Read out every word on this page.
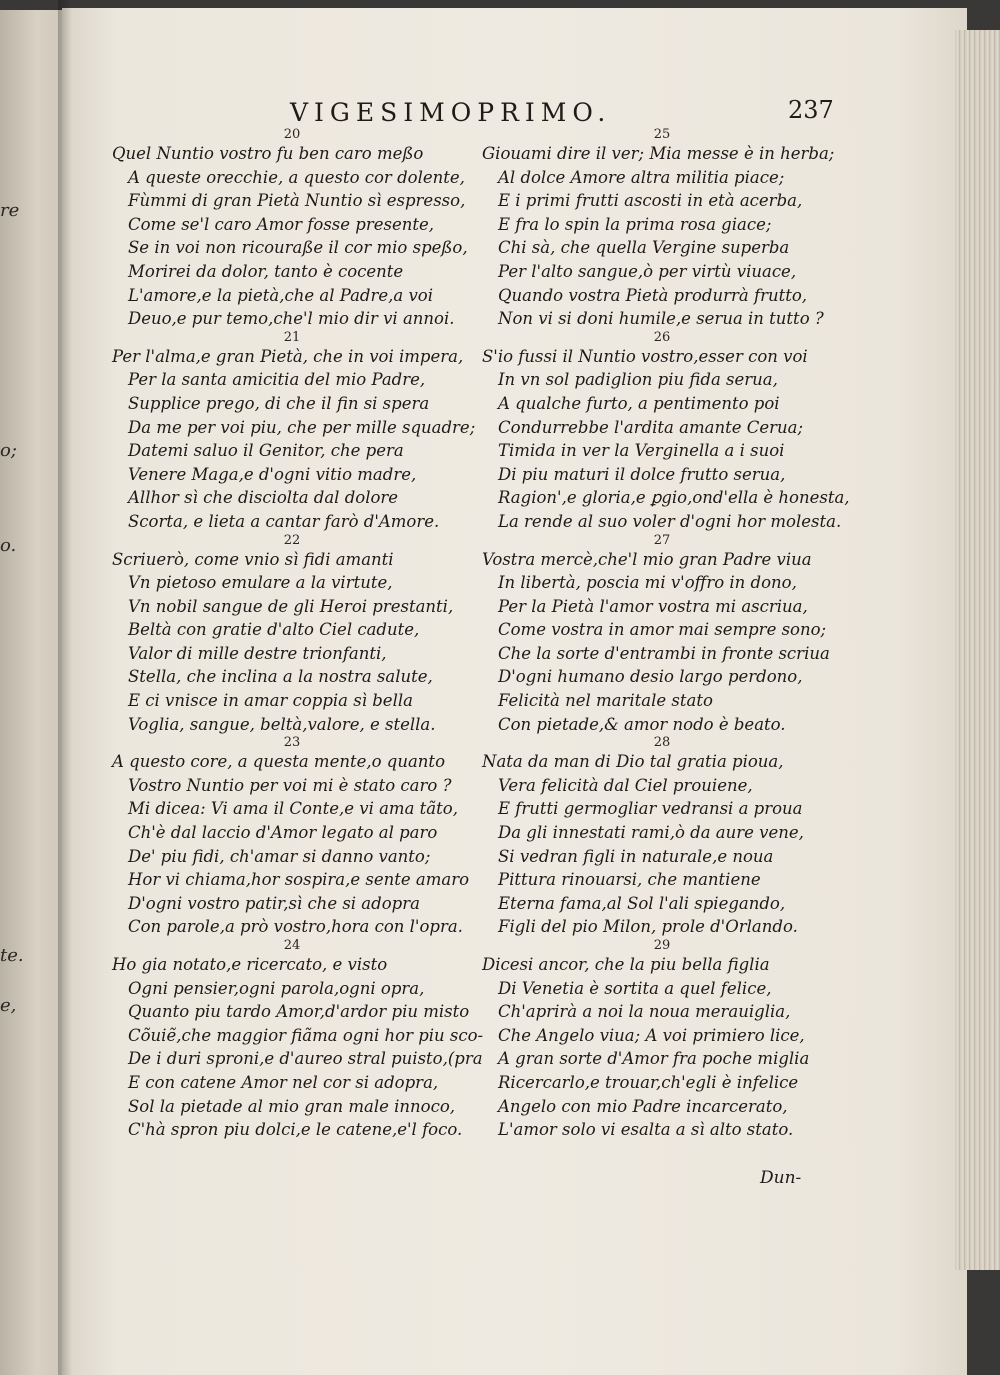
re
o;
o.
te.
e,
VIGESIMOPRIMO.	237
20
Quel Nuntio vostro fu ben caro meßo
A queste orecchie, a questo cor dolente,
Fùmmi di gran Pietà Nuntio sì espresso,
Come se'l caro Amor fosse presente,
Se in voi non ricouraße il cor mio speßo,
Morirei da dolor, tanto è cocente
L'amore,e la pietà,che al Padre,a voi
Deuo,e pur temo,che'l mio dir vi annoi.
21
Per l'alma,e gran Pietà, che in voi impera,
Per la santa amicitia del mio Padre,
Supplice prego, di che il fin si spera
Da me per voi piu, che per mille squadre;
Datemi saluo il Genitor, che pera
Venere Maga,e d'ogni vitio madre,
Allhor sì che disciolta dal dolore
Scorta, e lieta a cantar farò d'Amore.
22
Scriuerò, come vnio sì fidi amanti
Vn pietoso emulare a la virtute,
Vn nobil sangue de gli Heroi prestanti,
Beltà con gratie d'alto Ciel cadute,
Valor di mille destre trionfanti,
Stella, che inclina a la nostra salute,
E ci vnisce in amar coppia sì bella
Voglia, sangue, beltà,valore, e stella.
23
A questo core, a questa mente,o quanto
Vostro Nuntio per voi mi è stato caro ?
Mi dicea: Vi ama il Conte,e vi ama tãto,
Ch'è dal laccio d'Amor legato al paro
De' piu fidi, ch'amar si danno vanto;
Hor vi chiama,hor sospira,e sente amaro
D'ogni vostro patir,sì che si adopra
Con parole,a prò vostro,hora con l'opra.
24
Ho gia notato,e ricercato, e visto
Ogni pensier,ogni parola,ogni opra,
Quanto piu tardo Amor,d'ardor piu misto
Cõuiẽ,che maggior fiãma ogni hor piu sco-
De i duri sproni,e d'aureo stral puisto,(pra
E con catene Amor nel cor si adopra,
Sol la pietade al mio gran male innoco,
C'hà spron piu dolci,e le catene,e'l foco.
25
Giouami dire il ver; Mia messe è in herba;
Al dolce Amore altra militia piace;
E i primi frutti ascosti in età acerba,
E fra lo spin la prima rosa giace;
Chi sà, che quella Vergine superba
Per l'alto sangue,ò per virtù viuace,
Quando vostra Pietà produrrà frutto,
Non vi si doni humile,e serua in tutto ?
26
S'io fussi il Nuntio vostro,esser con voi
In vn sol padiglion piu fida serua,
A qualche furto, a pentimento poi
Condurrebbe l'ardita amante Cerua;
Timida in ver la Verginella a i suoi
Di piu maturi il dolce frutto serua,
Ragion',e gloria,e ꝑgio,ond'ella è honesta,
La rende al suo voler d'ogni hor molesta.
27
Vostra mercè,che'l mio gran Padre viua
In libertà, poscia mi v'offro in dono,
Per la Pietà l'amor vostra mi ascriua,
Come vostra in amor mai sempre sono;
Che la sorte d'entrambi in fronte scriua
D'ogni humano desio largo perdono,
Felicità nel maritale stato
Con pietade,& amor nodo è beato.
28
Nata da man di Dio tal gratia pioua,
Vera felicità dal Ciel prouiene,
E frutti germogliar vedransi a proua
Da gli innestati rami,ò da aure vene,
Si vedran figli in naturale,e noua
Pittura rinouarsi, che mantiene
Eterna fama,al Sol l'ali spiegando,
Figli del pio Milon, prole d'Orlando.
29
Dicesi ancor, che la piu bella figlia
Di Venetia è sortita a quel felice,
Ch'aprirà a noi la noua merauiglia,
Che Angelo viua; A voi primiero lice,
A gran sorte d'Amor fra poche miglia
Ricercarlo,e trouar,ch'egli è infelice
Angelo con mio Padre incarcerato,
L'amor solo vi esalta a sì alto stato.
Dun-
